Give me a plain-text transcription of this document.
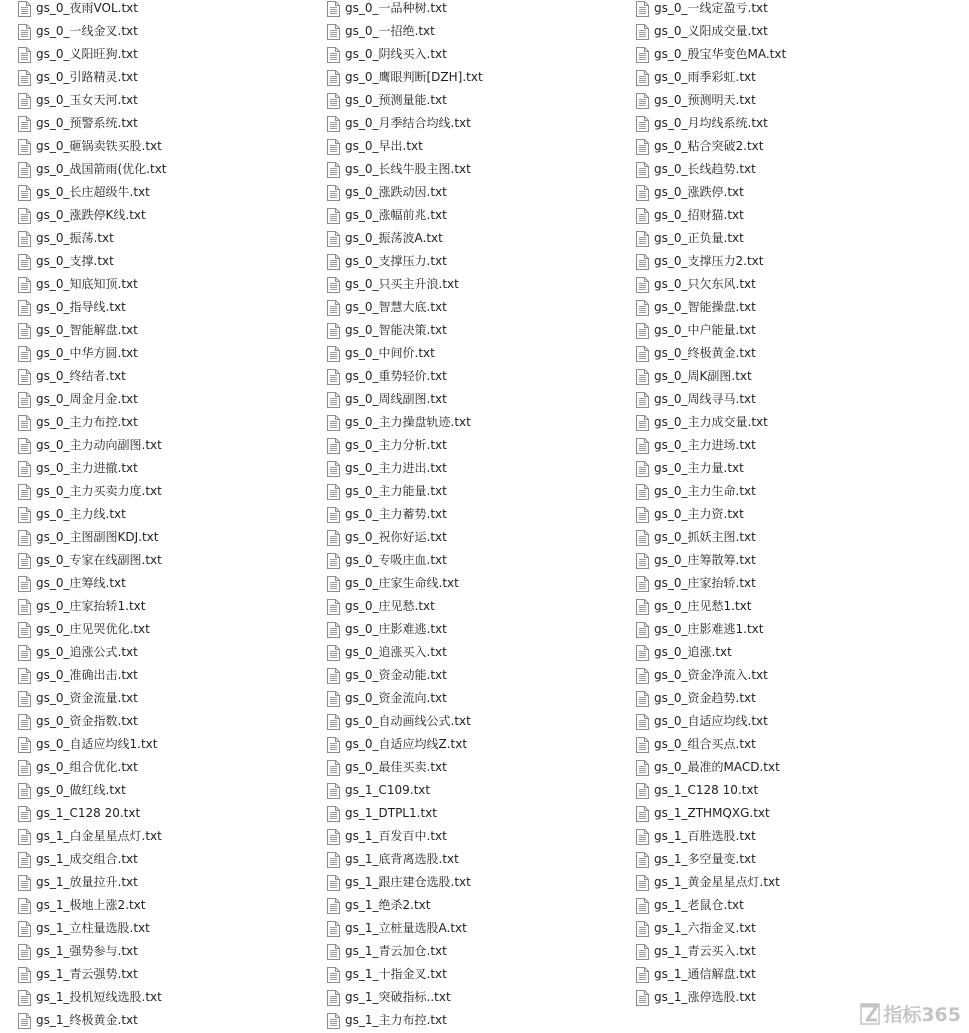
gs_0_夜雨VOL.txt	gs_0_一品种树.txt	gs_0_一线定盈亏.txt
gs_0_一线金叉.txt	gs_0_一招绝.txt	gs_0_义阳成交量.txt
gs_0_义阳旺狗.txt	gs_0_阴线买入.txt	gs_0_殷宝华变色MA.txt
gs_0_引路精灵.txt	gs_0_鹰眼判断[DZH].txt	gs_0_雨季彩虹.txt
gs_0_玉女天河.txt	gs_0_预测量能.txt	gs_0_预测明天.txt
gs_0_预警系统.txt	gs_0_月季结合均线.txt	gs_0_月均线系统.txt
gs_0_砸锅卖铁买股.txt	gs_0_早出.txt	gs_0_粘合突破2.txt
gs_0_战国箭雨(优化.txt	gs_0_长线牛股主图.txt	gs_0_长线趋势.txt
gs_0_长庄超级牛.txt	gs_0_涨跌动因.txt	gs_0_涨跌停.txt
gs_0_涨跌停K线.txt	gs_0_涨幅前兆.txt	gs_0_招财猫.txt
gs_0_振荡.txt	gs_0_振荡波A.txt	gs_0_正负量.txt
gs_0_支撑.txt	gs_0_支撑压力.txt	gs_0_支撑压力2.txt
gs_0_知底知顶.txt	gs_0_只买主升浪.txt	gs_0_只欠东风.txt
gs_0_指导线.txt	gs_0_智慧大底.txt	gs_0_智能操盘.txt
gs_0_智能解盘.txt	gs_0_智能决策.txt	gs_0_中户能量.txt
gs_0_中华方圆.txt	gs_0_中间价.txt	gs_0_终极黄金.txt
gs_0_终结者.txt	gs_0_重势轻价.txt	gs_0_周K副图.txt
gs_0_周金月金.txt	gs_0_周线副图.txt	gs_0_周线寻马.txt
gs_0_主力布控.txt	gs_0_主力操盘轨迹.txt	gs_0_主力成交量.txt
gs_0_主力动向副图.txt	gs_0_主力分析.txt	gs_0_主力进场.txt
gs_0_主力进撤.txt	gs_0_主力进出.txt	gs_0_主力量.txt
gs_0_主力买卖力度.txt	gs_0_主力能量.txt	gs_0_主力生命.txt
gs_0_主力线.txt	gs_0_主力蓄势.txt	gs_0_主力资.txt
gs_0_主图副图KDJ.txt	gs_0_祝你好运.txt	gs_0_抓妖主图.txt
gs_0_专家在线副图.txt	gs_0_专吸庄血.txt	gs_0_庄筹散筹.txt
gs_0_庄筹线.txt	gs_0_庄家生命线.txt	gs_0_庄家抬轿.txt
gs_0_庄家抬轿1.txt	gs_0_庄见愁.txt	gs_0_庄见愁1.txt
gs_0_庄见哭优化.txt	gs_0_庄影难逃.txt	gs_0_庄影难逃1.txt
gs_0_追涨公式.txt	gs_0_追涨买入.txt	gs_0_追涨.txt
gs_0_准确出击.txt	gs_0_资金动能.txt	gs_0_资金净流入.txt
gs_0_资金流量.txt	gs_0_资金流向.txt	gs_0_资金趋势.txt
gs_0_资金指数.txt	gs_0_自动画线公式.txt	gs_0_自适应均线.txt
gs_0_自适应均线1.txt	gs_0_自适应均线Z.txt	gs_0_组合买点.txt
gs_0_组合优化.txt	gs_0_最佳买卖.txt	gs_0_最准的MACD.txt
gs_0_做红线.txt	gs_1_C109.txt	gs_1_C128 10.txt
gs_1_C128 20.txt	gs_1_DTPL1.txt	gs_1_ZTHMQXG.txt
gs_1_白金星星点灯.txt	gs_1_百发百中.txt	gs_1_百胜选股.txt
gs_1_成交组合.txt	gs_1_底背离选股.txt	gs_1_多空量变.txt
gs_1_放量拉升.txt	gs_1_跟庄建仓选股.txt	gs_1_黄金星星点灯.txt
gs_1_极地上涨2.txt	gs_1_绝杀2.txt	gs_1_老鼠仓.txt
gs_1_立柱量选股.txt	gs_1_立桩量选股A.txt	gs_1_六指金叉.txt
gs_1_强势参与.txt	gs_1_青云加仓.txt	gs_1_青云买入.txt
gs_1_青云强势.txt	gs_1_十指金叉.txt	gs_1_通信解盘.txt
gs_1_投机短线选股.txt	gs_1_突破指标..txt	gs_1_涨停选股.txt
gs_1_终极黄金.txt	gs_1_主力布控.txt	指标365
